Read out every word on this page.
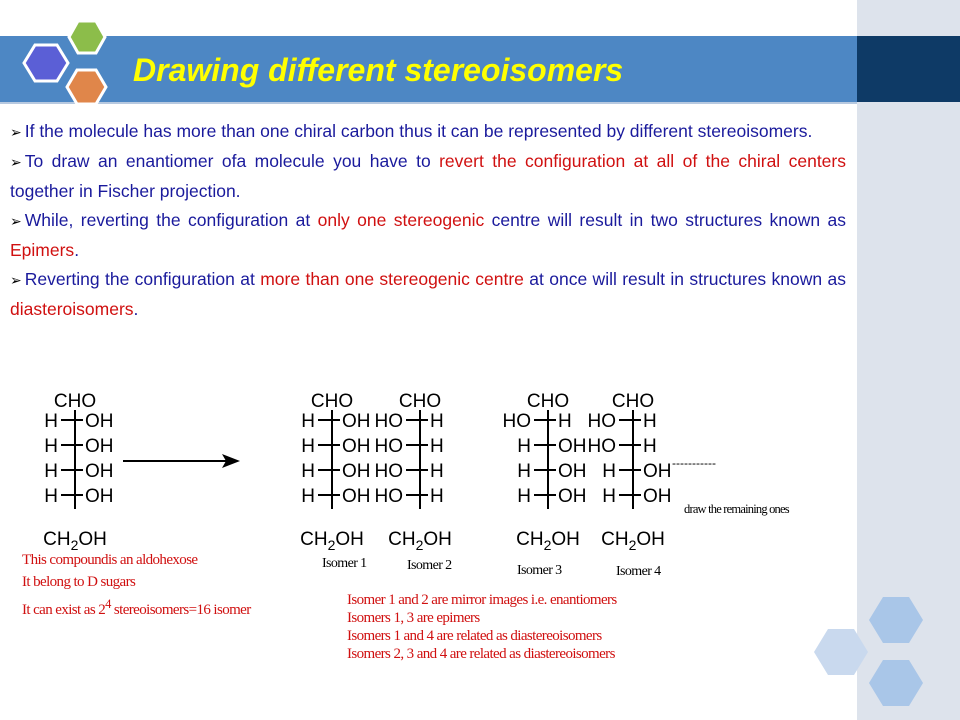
Drawing different stereoisomers
➢ If the molecule has more than one chiral carbon thus it can be represented by different stereoisomers.
➢ To draw an enantiomer ofa molecule you have to revert the configuration at all of the chiral centers together in Fischer projection.
➢ While, reverting the configuration at only one stereogenic centre will result in two structures known as Epimers.
➢ Reverting the configuration at more than one stereogenic centre at once will result in structures known as diasteroisomers.
CHO
H OH
H OH
H OH
H OH
$CH_2OH$
CHO
H OH
H OH
H OH
H OH
$CH_2OH$
CHO
HO H
HO H
HO H
HO H
$CH_2OH$
CHO
HO H
H OH
H OH
H OH
$CH_2OH$
CHO
HO H
HO H
H OH
H OH
$CH_2OH$
-----------
draw the remaining ones
Isomer 1	Isomer 2	Isomer 3	Isomer 4
This compoundis an aldohexose
It belong to D sugars
It can exist as $2^4$ stereoisomers=16 isomer
Isomer 1 and 2 are mirror images i.e. enantiomers
Isomers 1, 3 are epimers
Isomers 1 and 4 are related as diastereoisomers
Isomers 2, 3 and 4 are related as diastereoisomers
